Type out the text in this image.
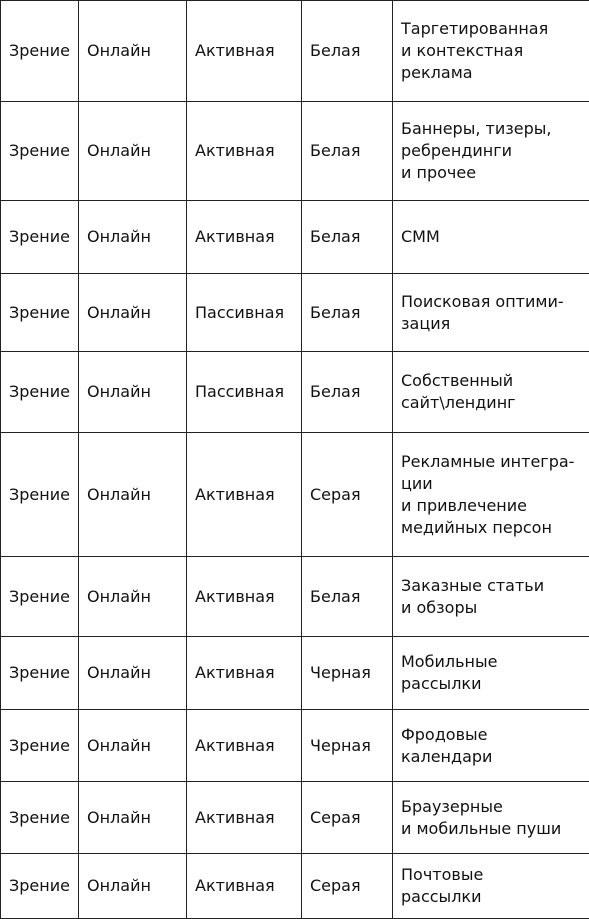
Зрение	Онлайн	Активная	Белая	Таргетированная
и контекстная
реклама
Зрение	Онлайн	Активная	Белая	Баннеры, тизеры,
ребрендинги
и прочее
Зрение	Онлайн	Активная	Белая	СММ
Зрение	Онлайн	Пассивная	Белая	Поисковая оптими-
зация
Зрение	Онлайн	Пассивная	Белая	Собственный
сайт\лендинг
Зрение	Онлайн	Активная	Серая	Рекламные интегра-
ции
и привлечение
медийных персон
Зрение	Онлайн	Активная	Белая	Заказные статьи
и обзоры
Зрение	Онлайн	Активная	Черная	Мобильные
рассылки
Зрение	Онлайн	Активная	Черная	Фродовые
календари
Зрение	Онлайн	Активная	Серая	Браузерные
и мобильные пуши
Зрение	Онлайн	Активная	Серая	Почтовые
рассылки
